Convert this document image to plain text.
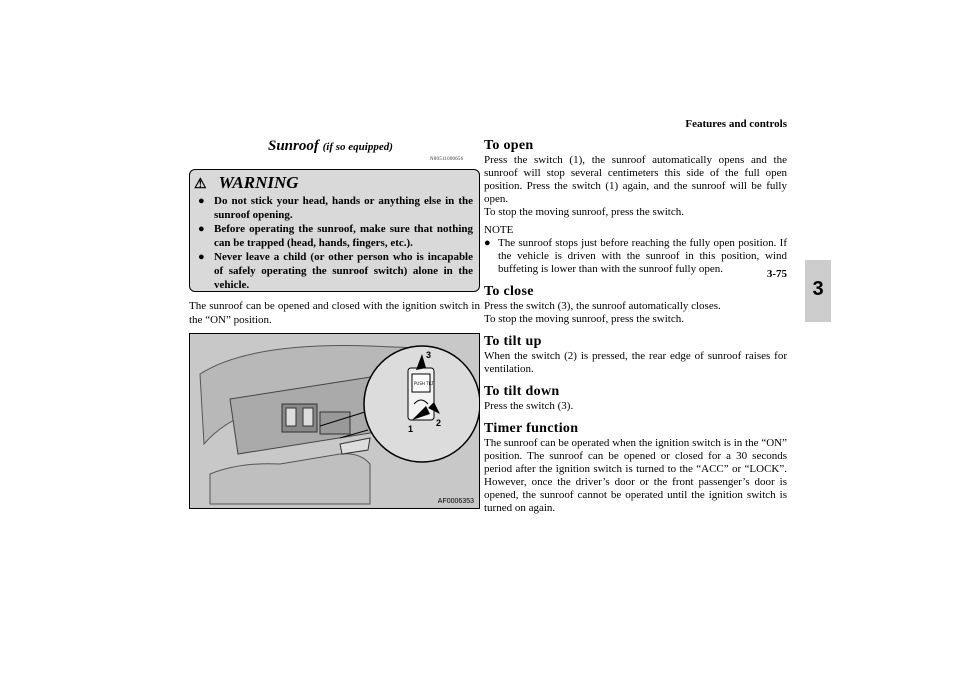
Features and controls
3-75
3
Sunroof (if so equipped)
N00511000656
⚠ WARNING
● Do not stick your head, hands or anything else in the sunroof opening.
● Before operating the sunroof, make sure that nothing can be trapped (head, hands, fingers, etc.).
● Never leave a child (or other person who is incapable of safely operating the sunroof switch) alone in the vehicle.
The sunroof can be opened and closed with the ignition switch in the “ON” position.
PUSH TILT
3
2
1
AF0006353
To open

Press the switch (1), the sunroof automatically opens and the sunroof will stop several centimeters this side of the full open position. Press the switch (1) again, and the sunroof will be fully open.

To stop the moving sunroof, press the switch.

NOTE

● The sunroof stops just before reaching the fully open position. If the vehicle is driven with the sunroof in this position, wind buffeting is lower than with the sunroof fully open.

To close

Press the switch (3), the sunroof automatically closes.

To stop the moving sunroof, press the switch.

To tilt up

When the switch (2) is pressed, the rear edge of sunroof raises for ventilation.

To tilt down

Press the switch (3).

Timer function

The sunroof can be operated when the ignition switch is in the “ON” position. The sunroof can be opened or closed for a 30 seconds period after the ignition switch is turned to the “ACC” or “LOCK”. However, once the driver’s door or the front passenger’s door is opened, the sunroof cannot be operated until the ignition switch is turned on again.
